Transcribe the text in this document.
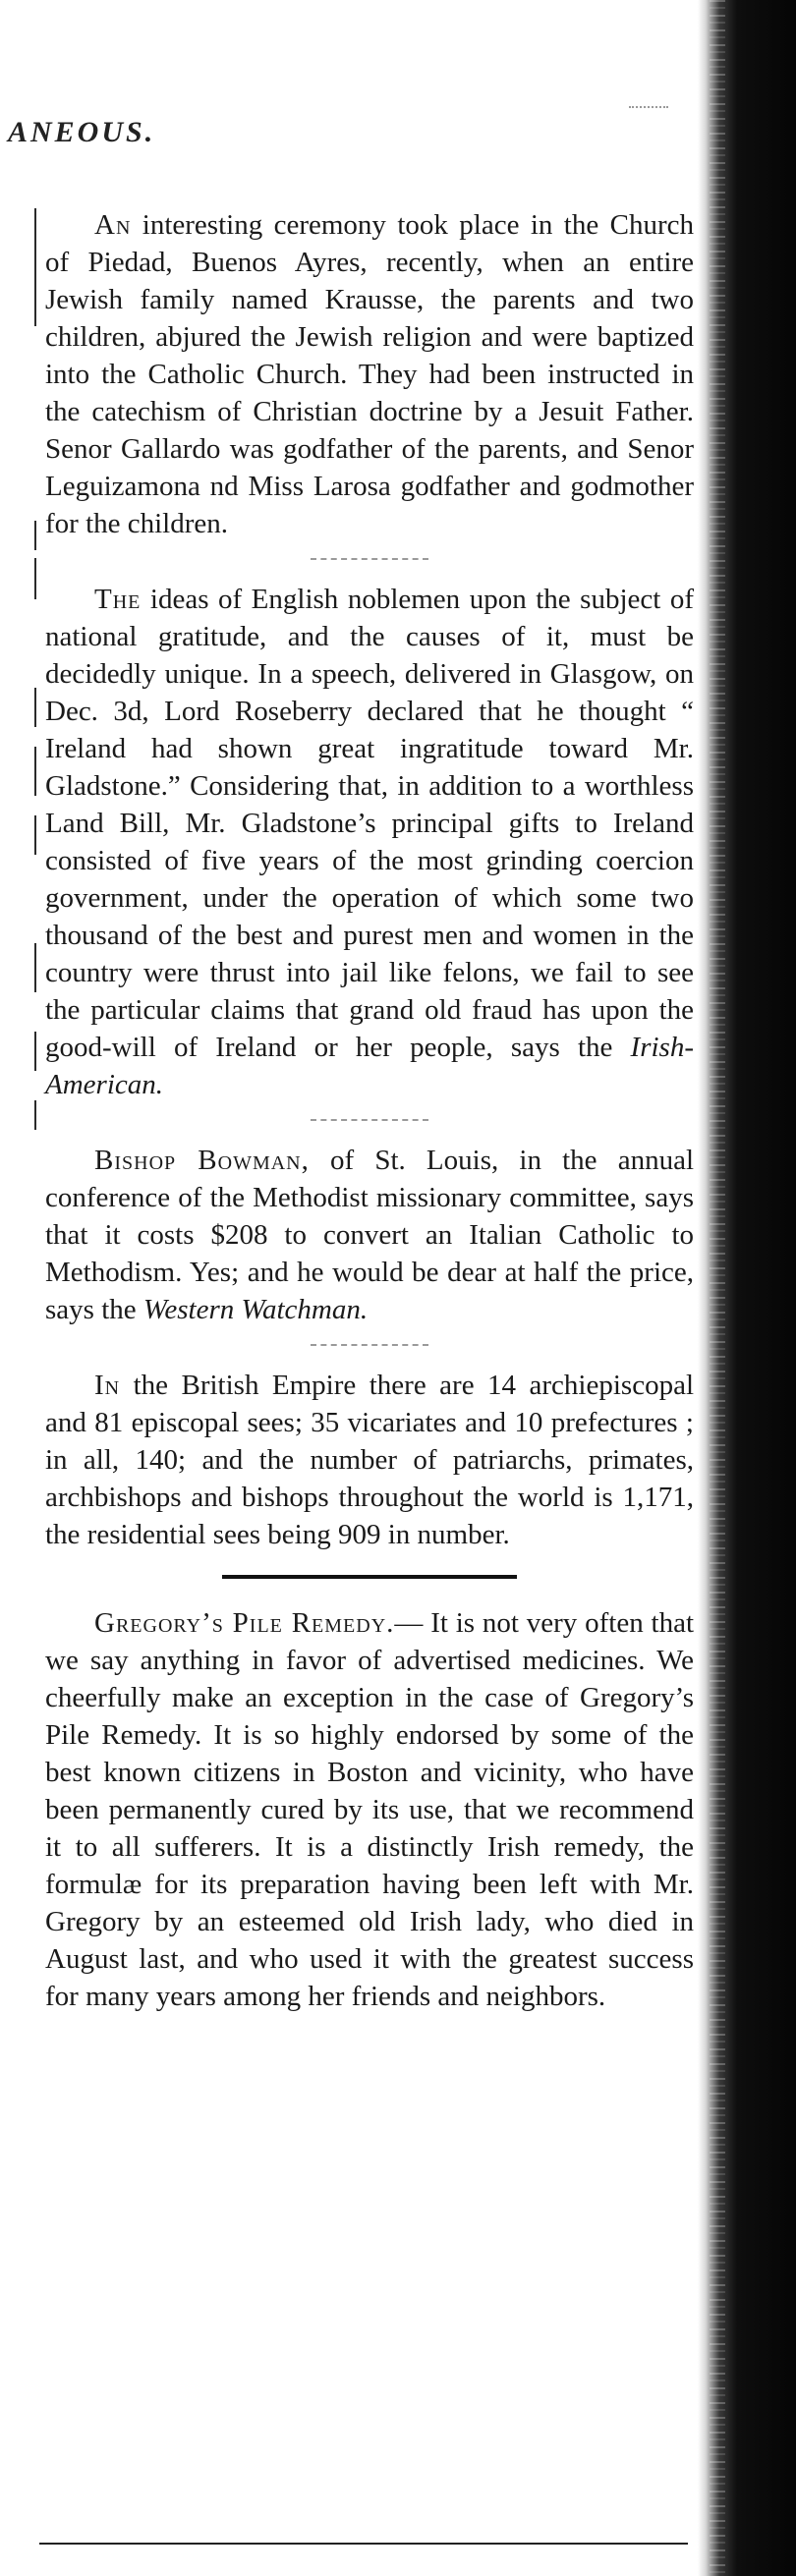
ANEOUS.

An interesting ceremony took place in the Church of Piedad, Buenos Ayres, recently, when an entire Jewish family named Krausse, the parents and two children, abjured the Jewish religion and were baptized into the Catholic Church. They had been instructed in the catechism of Christian doctrine by a Jesuit Father. Senor Gallardo was godfather of the parents, and Senor Leguizamona nd Miss Larosa godfather and godmother for the children.

The ideas of English noblemen upon the subject of national gratitude, and the causes of it, must be decidedly unique. In a speech, delivered in Glasgow, on Dec. 3d, Lord Roseberry declared that he thought “ Ireland had shown great ingratitude toward Mr. Gladstone.” Considering that, in addition to a worthless Land Bill, Mr. Gladstone’s principal gifts to Ireland consisted of five years of the most grinding coercion government, under the operation of which some two thousand of the best and purest men and women in the country were thrust into jail like felons, we fail to see the particular claims that grand old fraud has upon the good-will of Ireland or her people, says the Irish-American.

Bishop Bowman, of St. Louis, in the annual conference of the Methodist missionary committee, says that it costs $208 to convert an Italian Catholic to Methodism. Yes; and he would be dear at half the price, says the Western Watchman.

In the British Empire there are 14 archiepiscopal and 81 episcopal sees; 35 vicariates and 10 prefectures ; in all, 140; and the number of patriarchs, primates, archbishops and bishops throughout the world is 1,171, the residential sees being 909 in number.

Gregory’s Pile Remedy.— It is not very often that we say anything in favor of advertised medicines. We cheerfully make an exception in the case of Gregory’s Pile Remedy. It is so highly endorsed by some of the best known citizens in Boston and vicinity, who have been permanently cured by its use, that we recommend it to all sufferers. It is a distinctly Irish remedy, the formulæ for its preparation having been left with Mr. Gregory by an esteemed old Irish lady, who died in August last, and who used it with the greatest success for many years among her friends and neighbors.
